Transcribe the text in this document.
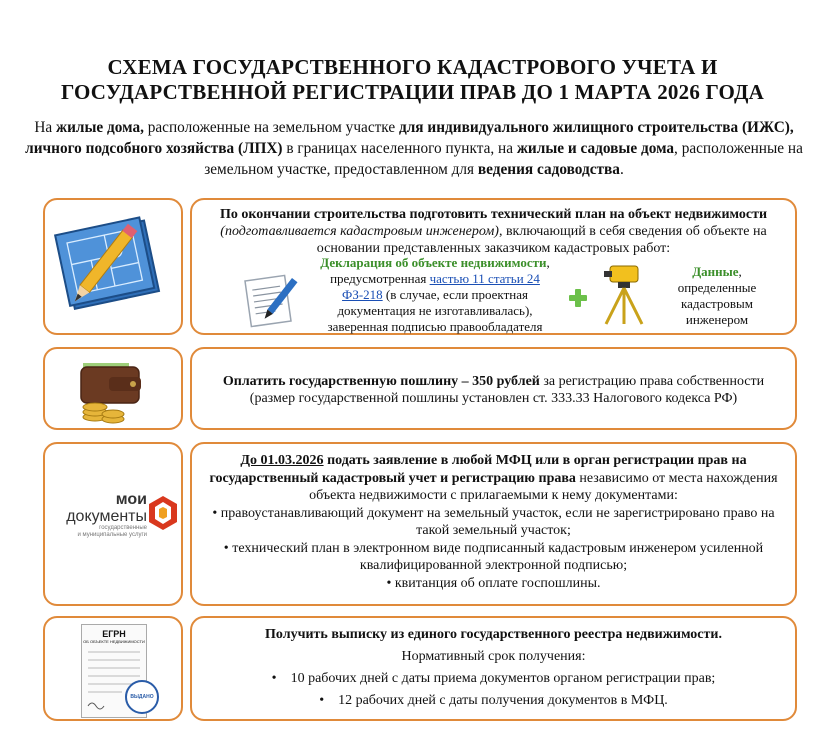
СХЕМА ГОСУДАРСТВЕННОГО КАДАСТРОВОГО УЧЕТА И
ГОСУДАРСТВЕННОЙ РЕГИСТРАЦИИ ПРАВ ДО 1 МАРТА 2026 ГОДА
На жилые дома, расположенные на земельном участке для индивидуального жилищного строительства (ИЖС), личного подсобного хозяйства (ЛПХ) в границах населенного пункта, на жилые и садовые дома, расположенные на земельном участке, предоставленном для ведения садоводства.
По окончании строительства подготовить технический план на объект недвижимости (подготавливается кадастровым инженером), включающий в себя сведения об объекте на основании представленных заказчиком кадастровых работ:
Декларация об объекте недвижимости, предусмотренная частью 11 статьи 24 ФЗ-218 (в случае, если проектная документация не изготавливалась), заверенная подписью правообладателя
Данные, определенные кадастровым инженером
Оплатить государственную пошлину – 350 рублей за регистрацию права собственности (размер государственной пошлины установлен ст. 333.33 Налогового кодекса РФ)
мои
документы
государственные
и муниципальные услуги
До 01.03.2026 подать заявление в любой МФЦ или в орган регистрации прав на государственный кадастровый учет и регистрацию права независимо от места нахождения объекта недвижимости с прилагаемыми к нему документами:
• правоустанавливающий документ на земельный участок, если не зарегистрировано право на такой земельный участок;
• технический план в электронном виде подписанный кадастровым инженером усиленной квалифицированной электронной подписью;
• квитанция об оплате госпошлины.
ЕГРН
ОБ ОБЪЕКТЕ НЕДВИЖИМОСТИ
ВЫДАНО
Получить выписку из единого государственного реестра недвижимости.
Нормативный срок получения:
•    10 рабочих дней с даты приема документов органом регистрации прав;
•    12 рабочих дней с даты получения документов в МФЦ.
